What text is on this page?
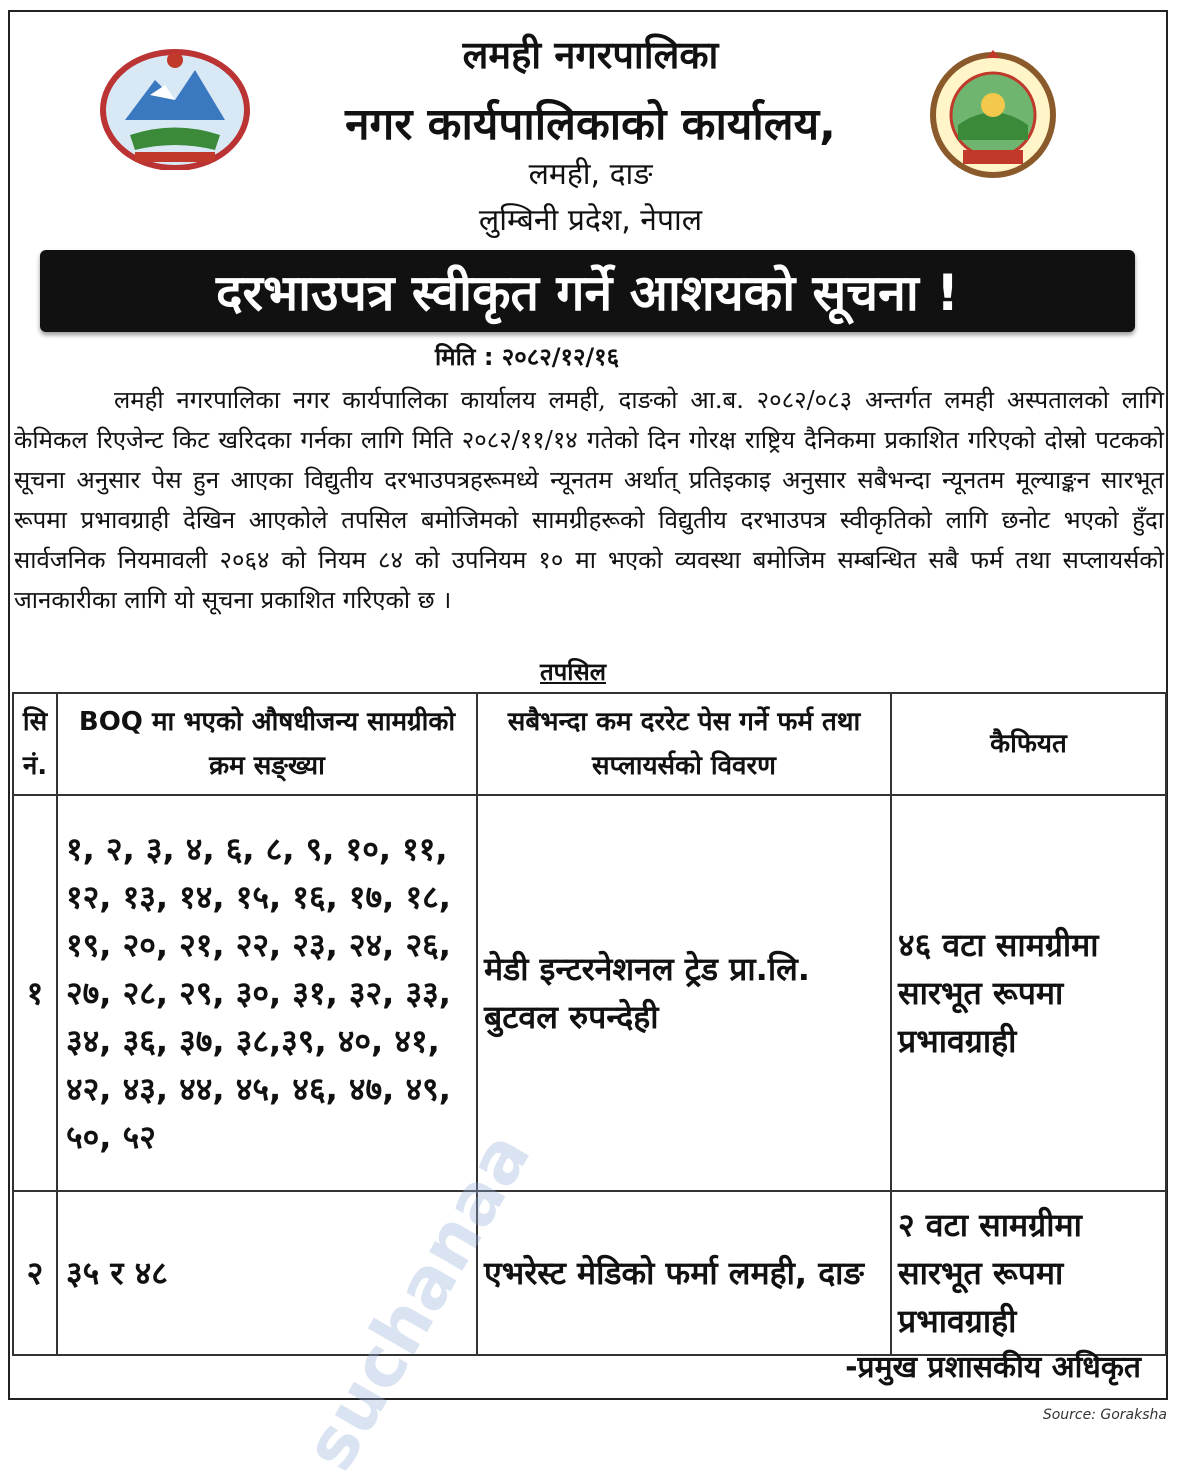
लमही नगरपालिका
नगर कार्यपालिकाको कार्यालय,
लमही, दाङ
लुम्बिनी प्रदेश, नेपाल
दरभाउपत्र स्वीकृत गर्ने आशयको सूचना !
मिति : २०८२/१२/१६
लमही नगरपालिका नगर कार्यपालिका कार्यालय लमही, दाङको आ.ब. २०८२/०८३ अन्तर्गत लमही अस्पतालको लागि केमिकल रिएजेन्ट किट खरिदका गर्नका लागि मिति २०८२/११/१४ गतेको दिन गोरक्ष राष्ट्रिय दैनिकमा प्रकाशित गरिएको दोस्रो पटकको सूचना अनुसार पेस हुन आएका विद्युतीय दरभाउपत्रहरूमध्ये न्यूनतम अर्थात् प्रतिइकाइ अनुसार सबैभन्दा न्यूनतम मूल्याङ्कन सारभूत रूपमा प्रभावग्राही देखिन आएकोले तपसिल बमोजिमको सामग्रीहरूको विद्युतीय दरभाउपत्र स्वीकृतिको लागि छनोट भएको हुँदा सार्वजनिक नियमावली २०६४ को नियम ८४ को उपनियम १० मा भएको व्यवस्था बमोजिम सम्बन्धित सबै फर्म तथा सप्लायर्सको जानकारीका लागि यो सूचना प्रकाशित गरिएको छ ।
तपसिल
सि नं.	BOQ मा भएको औषधीजन्य सामग्रीको क्रम सङ्ख्या	सबैभन्दा कम दररेट पेस गर्ने फर्म तथा सप्लायर्सको विवरण	कैफियत
१	१, २, ३, ४, ६, ८, ९, १०, ११, १२, १३, १४, १५, १६, १७, १८, १९, २०, २१, २२, २३, २४, २६, २७, २८, २९, ३०, ३१, ३२, ३३, ३४, ३६, ३७, ३८,३९, ४०, ४१, ४२, ४३, ४४, ४५, ४६, ४७, ४९, ५०, ५२	मेडी इन्टरनेशनल ट्रेड प्रा.लि. बुटवल रुपन्देही	४६ वटा सामग्रीमा सारभूत रूपमा प्रभावग्राही
२	३५ र ४८	एभरेस्ट मेडिको फर्मा लमही, दाङ	२ वटा सामग्रीमा सारभूत रूपमा प्रभावग्राही
-प्रमुख प्रशासकीय अधिकृत
Source: Goraksha
suchanaa
